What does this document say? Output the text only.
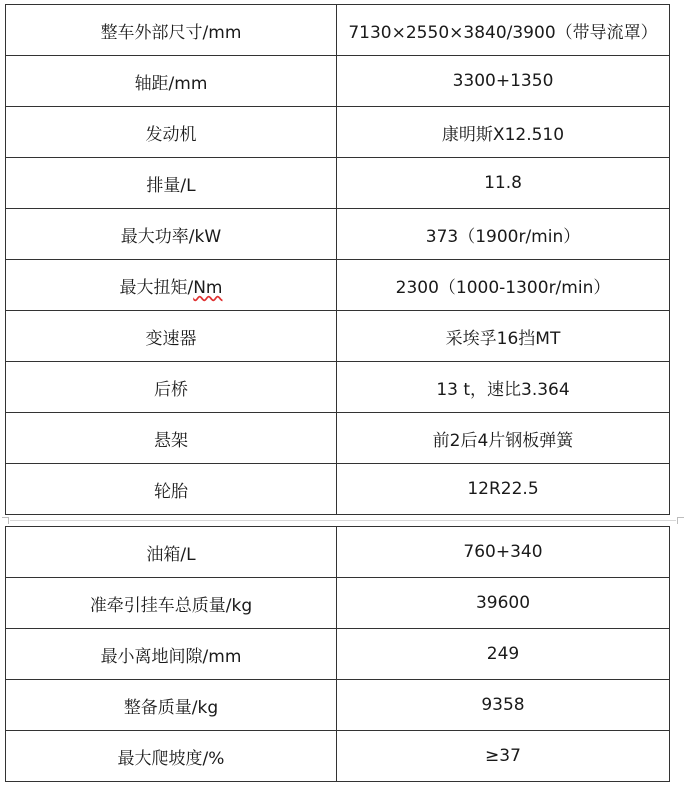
整车外部尺寸/mm	7130×2550×3840/3900（带导流罩）
轴距/mm	3300+1350
发动机	康明斯X12.510
排量/L	11.8
最大功率/kW	373（1900r/min）
最大扭矩/Nm	2300（1000-1300r/min）
变速器	采埃孚16挡MT
后桥	13 t，速比3.364
悬架	前2后4片钢板弹簧
轮胎	12R22.5
油箱/L	760+340
准牵引挂车总质量/kg	39600
最小离地间隙/mm	249
整备质量/kg	9358
最大爬坡度/%	≥37
